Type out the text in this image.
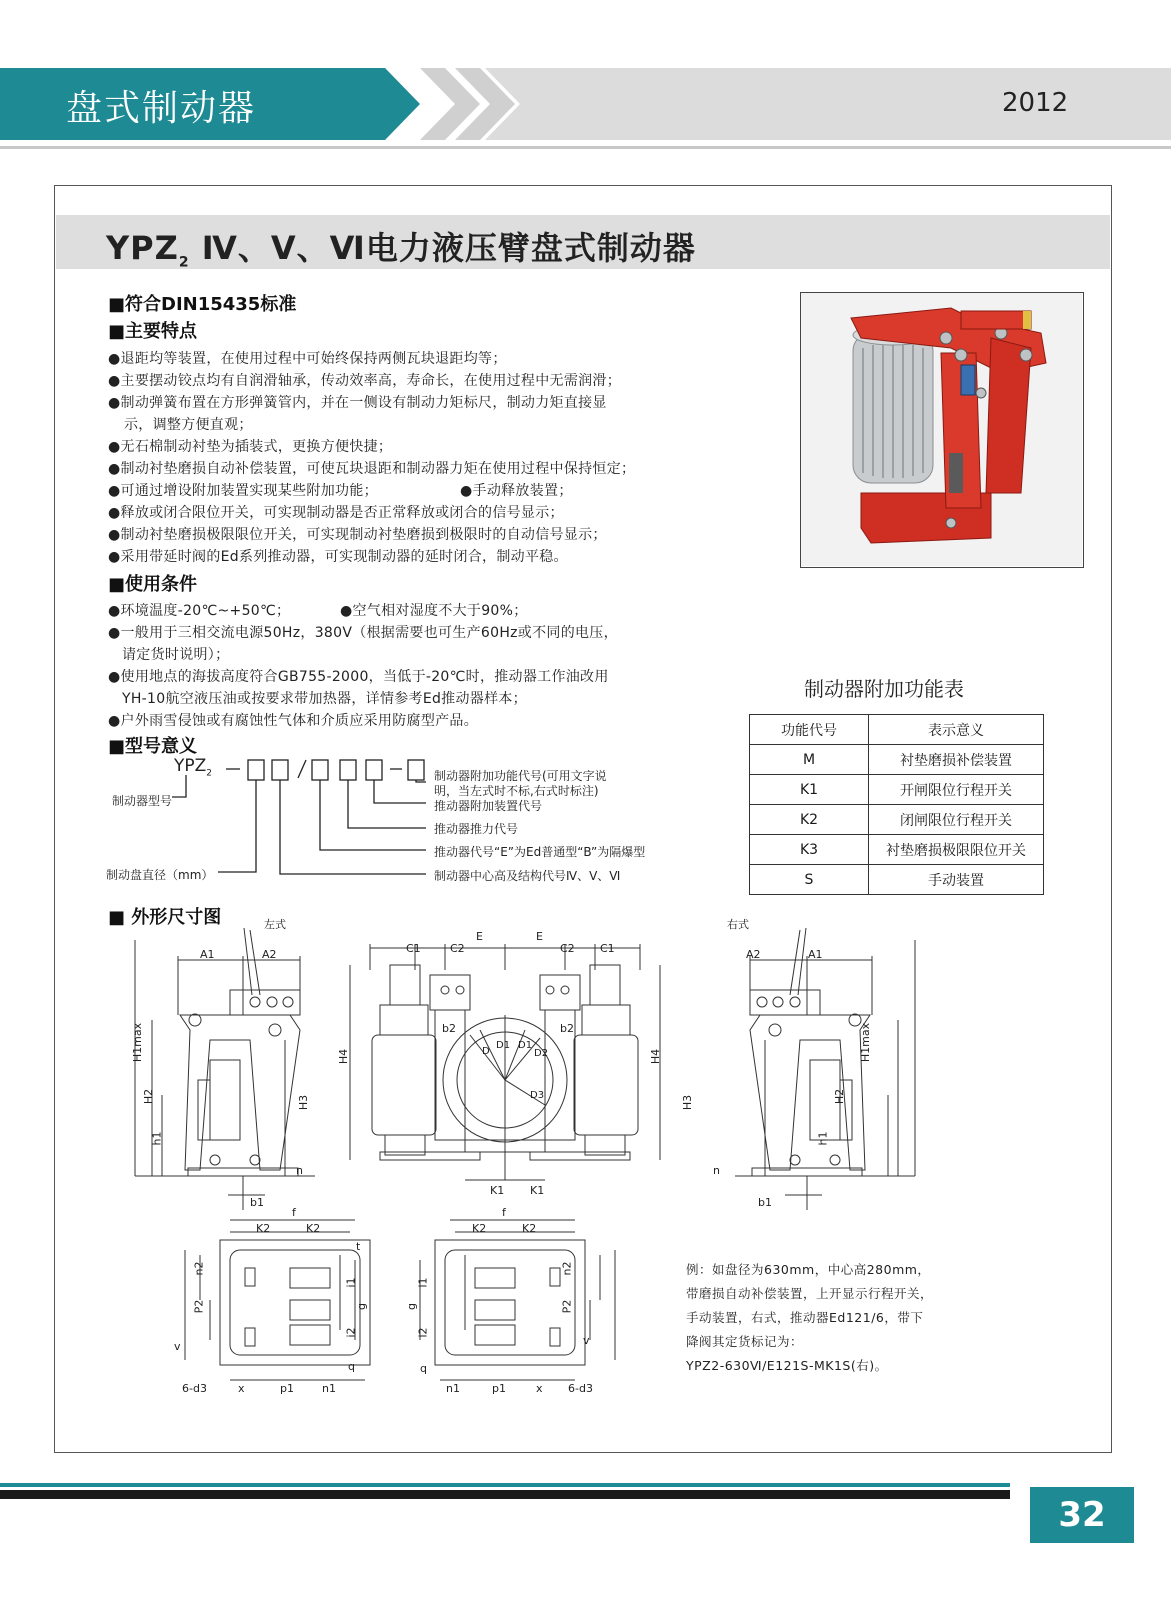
盘式制动器	2012
$YPZ_2$ Ⅳ、Ⅴ、Ⅵ电力液压臂盘式制动器
■符合DIN15435标准
■主要特点
●退距均等装置，在使用过程中可始终保持两侧瓦块退距均等；
●主要摆动铰点均有自润滑轴承，传动效率高，寿命长，在使用过程中无需润滑；
●制动弹簧布置在方形弹簧管内，并在一侧设有制动力矩标尺，制动力矩直接显
示，调整方便直观；
●无石棉制动衬垫为插装式，更换方便快捷；
●制动衬垫磨损自动补偿装置，可使瓦块退距和制动器力矩在使用过程中保持恒定；
●可通过增设附加装置实现某些附加功能；	●手动释放装置；
●释放或闭合限位开关，可实现制动器是否正常释放或闭合的信号显示；
●制动衬垫磨损极限限位开关，可实现制动衬垫磨损到极限时的自动信号显示；
●采用带延时阀的Ed系列推动器，可实现制动器的延时闭合，制动平稳。
■使用条件
●环境温度-20℃~+50℃；	●空气相对湿度不大于90%；
●一般用于三相交流电源50Hz，380V（根据需要也可生产60Hz或不同的电压，
请定货时说明）；
●使用地点的海拔高度符合GB755-2000，当低于-20℃时，推动器工作油改用
YH-10航空液压油或按要求带加热器，详情参考Ed推动器样本；
●户外雨雪侵蚀或有腐蚀性气体和介质应采用防腐型产品。
■型号意义
$YPZ_2$	制动器附加功能代号(可用文字说
明，当左式时不标,右式时标注)
推动器附加装置代号
推动器推力代号
推动器代号“E”为Ed普通型“B”为隔爆型
制动器中心高及结构代号Ⅳ、Ⅴ、Ⅵ
制动器型号
制动盘直径（mm）
制动器附加功能表
功能代号	表示意义
M	衬垫磨损补偿装置
K1	开闸限位行程开关
K2	闭闸限位行程开关
K3	衬垫磨损极限限位开关
S	手动装置
■ 外形尺寸图	左式	右式
A1	A2	C1	C2
E	E
C2 C1	A2	A1
H1max
H2
h1
H3
H4	H4
H3	H2
H1max
h1
b1	b1
n	n
b2	b2
D
D1 D1
D2
D3
K1 K1
f
K2	K2
f
K2	K2
n2
P2
v
i1
i2
g
t
q
6-d3	x	p1	n1
g
i1
i2
n2
P2
v
q
n1	p1	x 6-d3
例：如盘径为630mm，中心高280mm，
带磨损自动补偿装置，上开显示行程开关，
手动装置，右式，推动器Ed121/6，带下
降阀其定货标记为：
YPZ2-630Ⅵ/E121S-MK1S(右)。
32
